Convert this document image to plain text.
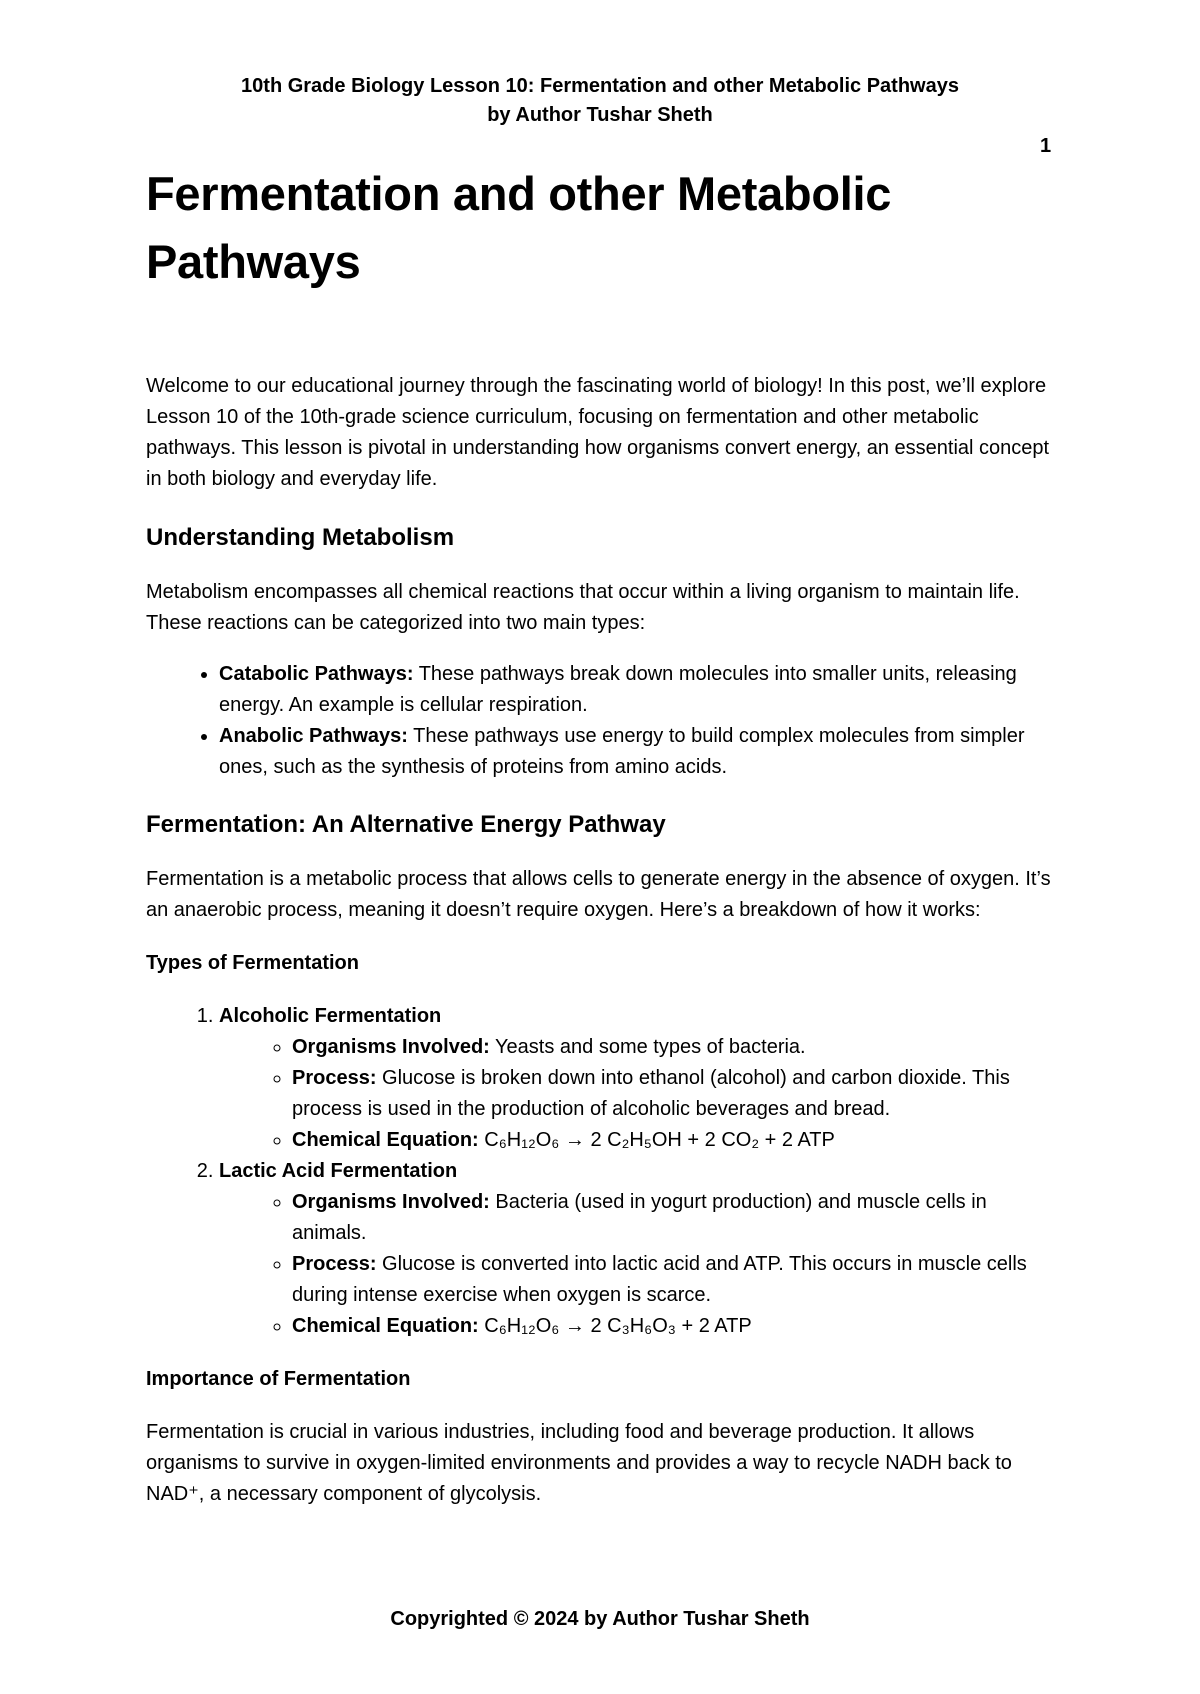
10th Grade Biology Lesson 10: Fermentation and other Metabolic Pathways
by Author Tushar Sheth
1
Fermentation and other Metabolic Pathways

Welcome to our educational journey through the fascinating world of biology! In this post, we’ll explore Lesson 10 of the 10th-grade science curriculum, focusing on fermentation and other metabolic pathways. This lesson is pivotal in understanding how organisms convert energy, an essential concept in both biology and everyday life.

Understanding Metabolism

Metabolism encompasses all chemical reactions that occur within a living organism to maintain life. These reactions can be categorized into two main types:

• Catabolic Pathways: These pathways break down molecules into smaller units, releasing energy. An example is cellular respiration.
• Anabolic Pathways: These pathways use energy to build complex molecules from simpler ones, such as the synthesis of proteins from amino acids.
Fermentation: An Alternative Energy Pathway

Fermentation is a metabolic process that allows cells to generate energy in the absence of oxygen. It’s an anaerobic process, meaning it doesn’t require oxygen. Here’s a breakdown of how it works:

Types of Fermentation
1. Alcoholic Fermentation
◦ Organisms Involved: Yeasts and some types of bacteria.
◦ Process: Glucose is broken down into ethanol (alcohol) and carbon dioxide. This process is used in the production of alcoholic beverages and bread.
◦ Chemical Equation: C₆H₁₂O₆ → 2 C₂H₅OH + 2 CO₂ + 2 ATP
2. Lactic Acid Fermentation
◦ Organisms Involved: Bacteria (used in yogurt production) and muscle cells in animals.
◦ Process: Glucose is converted into lactic acid and ATP. This occurs in muscle cells during intense exercise when oxygen is scarce.
◦ Chemical Equation: C₆H₁₂O₆ → 2 C₃H₆O₃ + 2 ATP
Importance of Fermentation

Fermentation is crucial in various industries, including food and beverage production. It allows organisms to survive in oxygen-limited environments and provides a way to recycle NADH back to NAD⁺, a necessary component of glycolysis.

Copyrighted © 2024 by Author Tushar Sheth
